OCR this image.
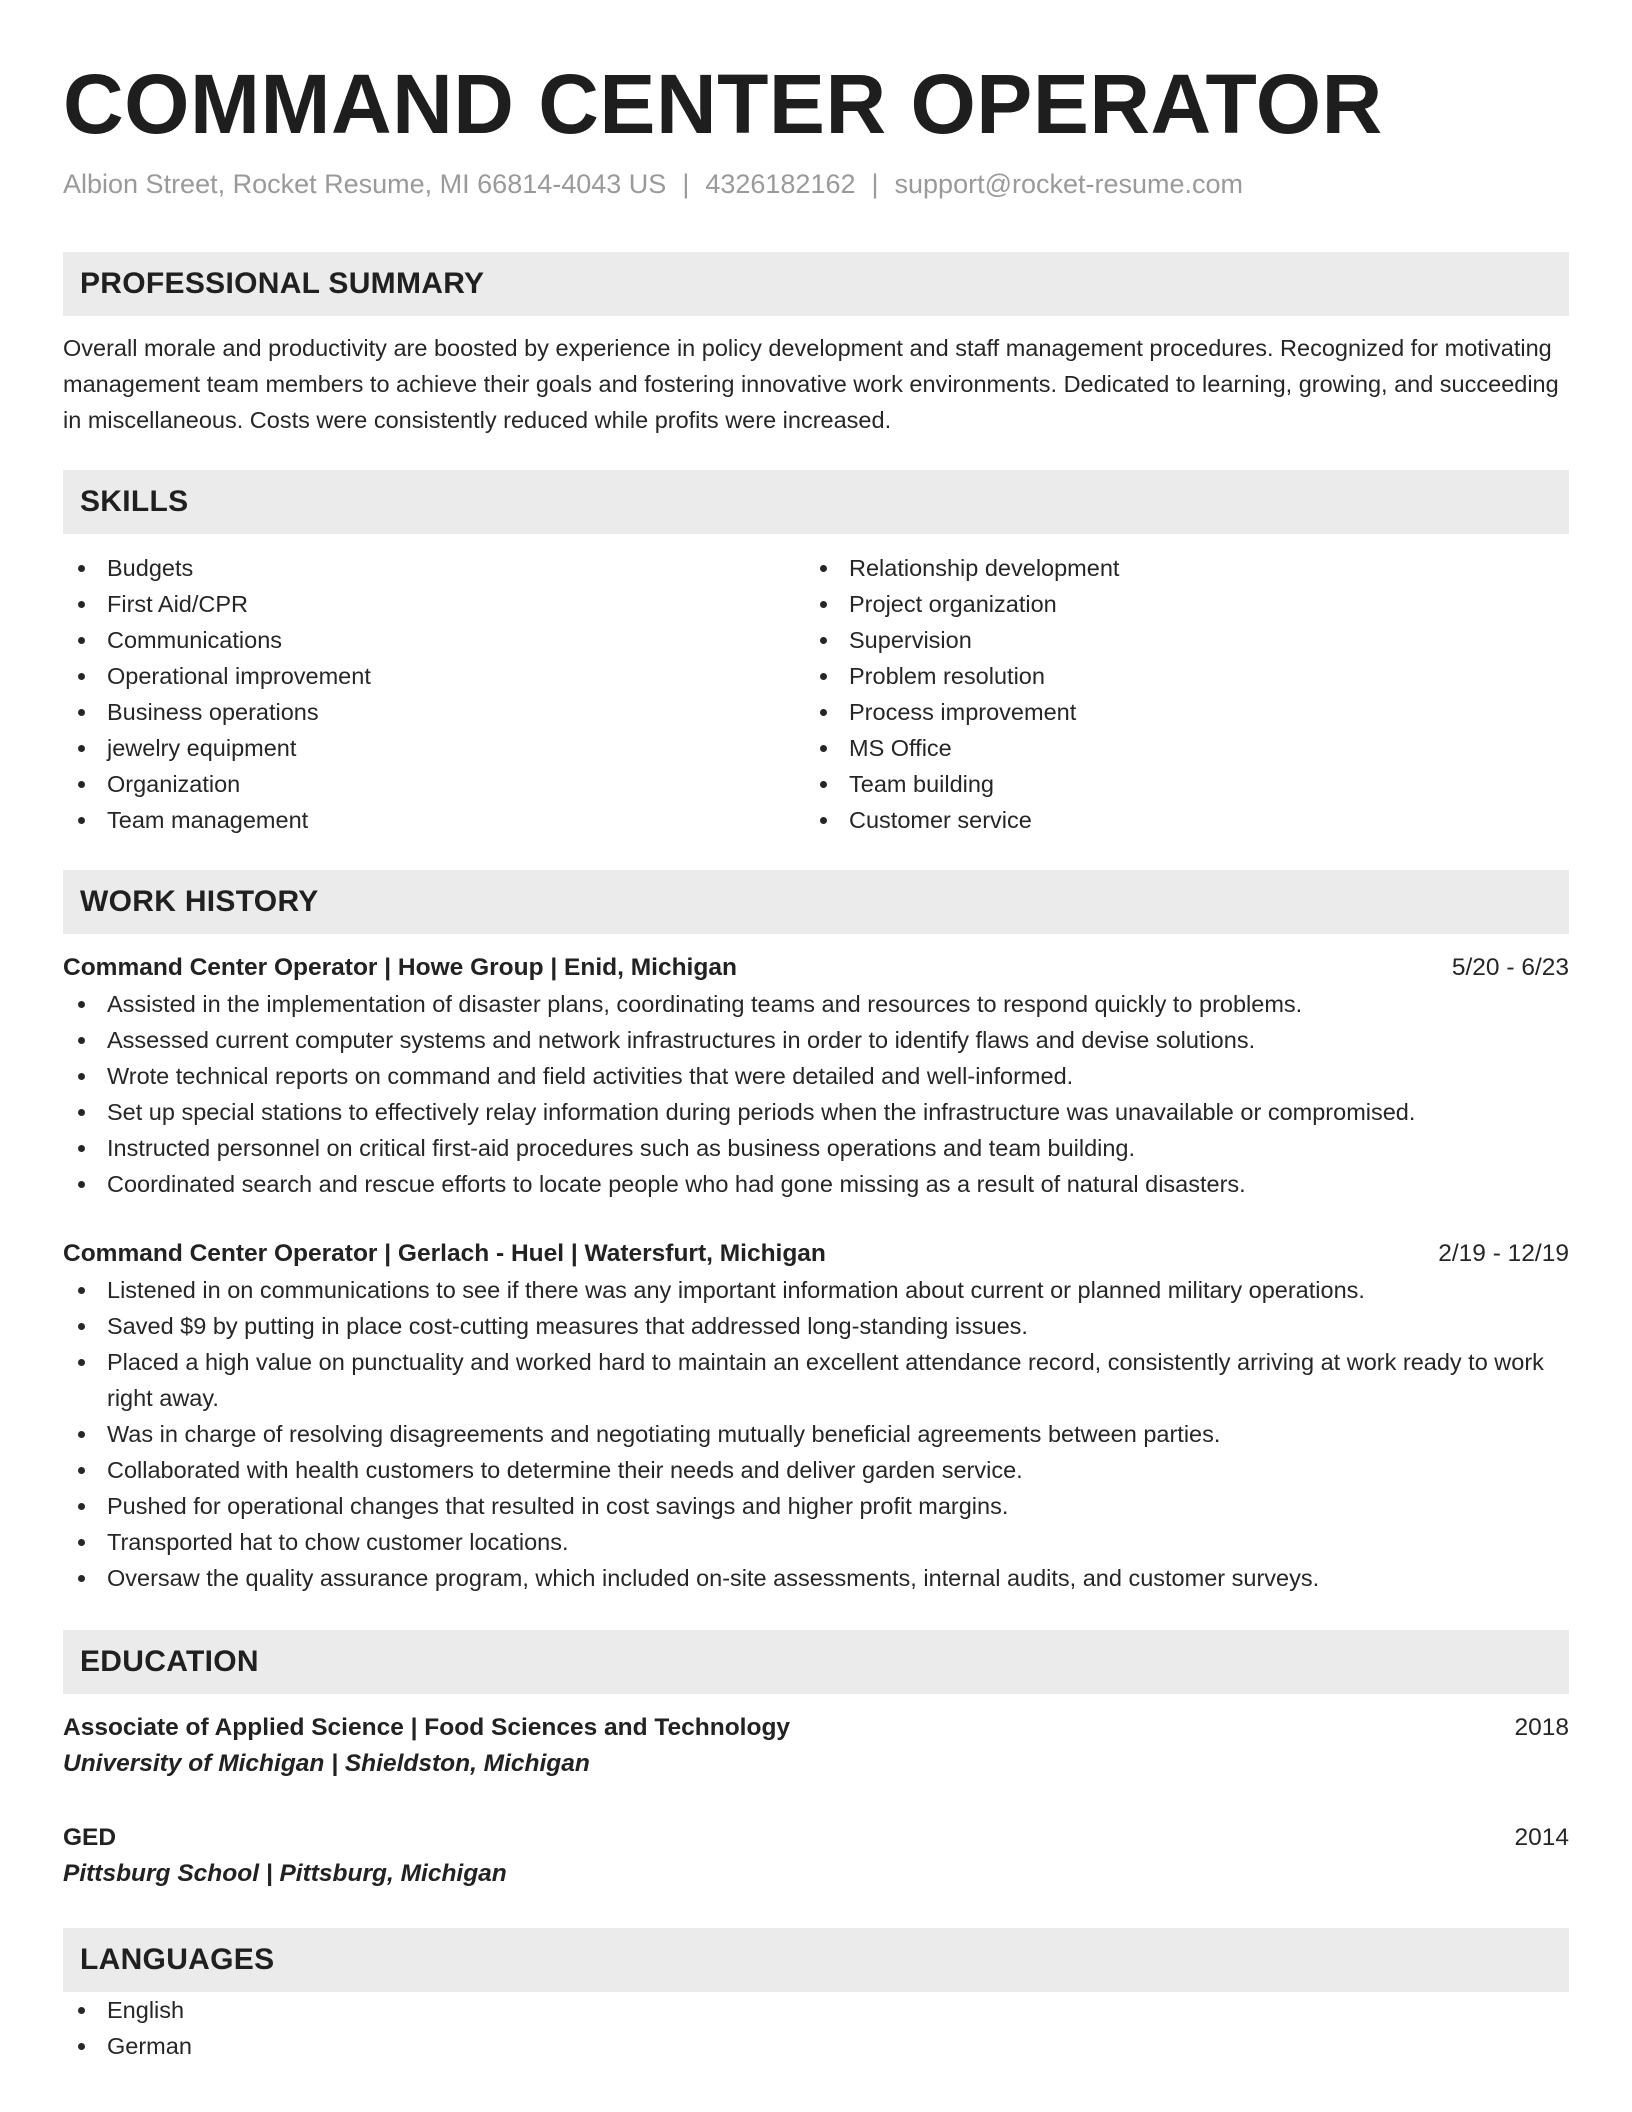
COMMAND CENTER OPERATOR
Albion Street, Rocket Resume, MI 66814-4043 US | 4326182162 | support@rocket-resume.com
PROFESSIONAL SUMMARY
Overall morale and productivity are boosted by experience in policy development and staff management procedures. Recognized for motivating management team members to achieve their goals and fostering innovative work environments. Dedicated to learning, growing, and succeeding in miscellaneous. Costs were consistently reduced while profits were increased.
SKILLS
Budgets
First Aid/CPR
Communications
Operational improvement
Business operations
jewelry equipment
Organization
Team management
Relationship development
Project organization
Supervision
Problem resolution
Process improvement
MS Office
Team building
Customer service
WORK HISTORY
Command Center Operator | Howe Group | Enid, Michigan	5/20 - 6/23
Assisted in the implementation of disaster plans, coordinating teams and resources to respond quickly to problems.
Assessed current computer systems and network infrastructures in order to identify flaws and devise solutions.
Wrote technical reports on command and field activities that were detailed and well-informed.
Set up special stations to effectively relay information during periods when the infrastructure was unavailable or compromised.
Instructed personnel on critical first-aid procedures such as business operations and team building.
Coordinated search and rescue efforts to locate people who had gone missing as a result of natural disasters.
Command Center Operator | Gerlach - Huel | Watersfurt, Michigan	2/19 - 12/19
Listened in on communications to see if there was any important information about current or planned military operations.
Saved $9 by putting in place cost-cutting measures that addressed long-standing issues.
Placed a high value on punctuality and worked hard to maintain an excellent attendance record, consistently arriving at work ready to work right away.
Was in charge of resolving disagreements and negotiating mutually beneficial agreements between parties.
Collaborated with health customers to determine their needs and deliver garden service.
Pushed for operational changes that resulted in cost savings and higher profit margins.
Transported hat to chow customer locations.
Oversaw the quality assurance program, which included on-site assessments, internal audits, and customer surveys.
EDUCATION
Associate of Applied Science | Food Sciences and Technology	2018
University of Michigan | Shieldston, Michigan
GED	2014
Pittsburg School | Pittsburg, Michigan
LANGUAGES
English
German
